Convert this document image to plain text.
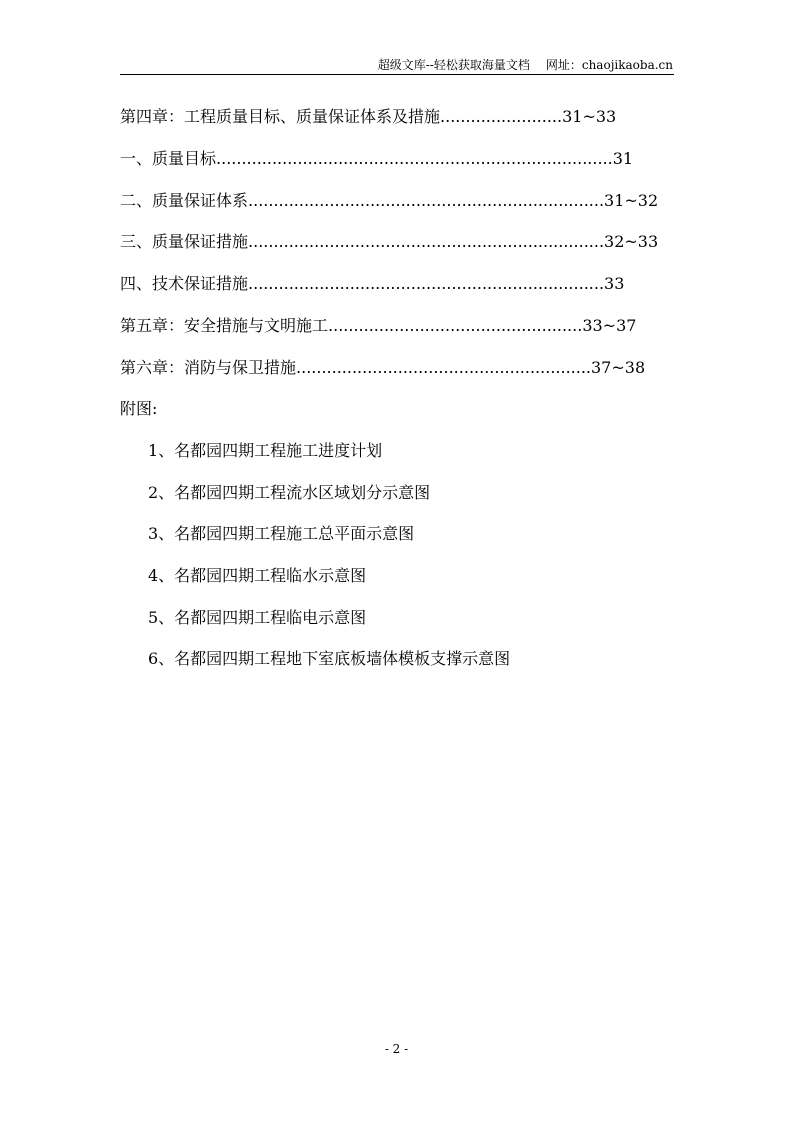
超级文库--轻松获取海量文档 网址：chaojikaoba.cn
第四章：工程质量目标、质量保证体系及措施........................31~33
一、质量目标..............................................................................31
二、质量保证体系......................................................................31~32
三、质量保证措施......................................................................32~33
四、技术保证措施......................................................................33
第五章：安全措施与文明施工..................................................33~37
第六章：消防与保卫措施..........................................................37~38
附图:
1、名都园四期工程施工进度计划
2、名都园四期工程流水区域划分示意图
3、名都园四期工程施工总平面示意图
4、名都园四期工程临水示意图
5、名都园四期工程临电示意图
6、名都园四期工程地下室底板墙体模板支撑示意图
- 2 -
